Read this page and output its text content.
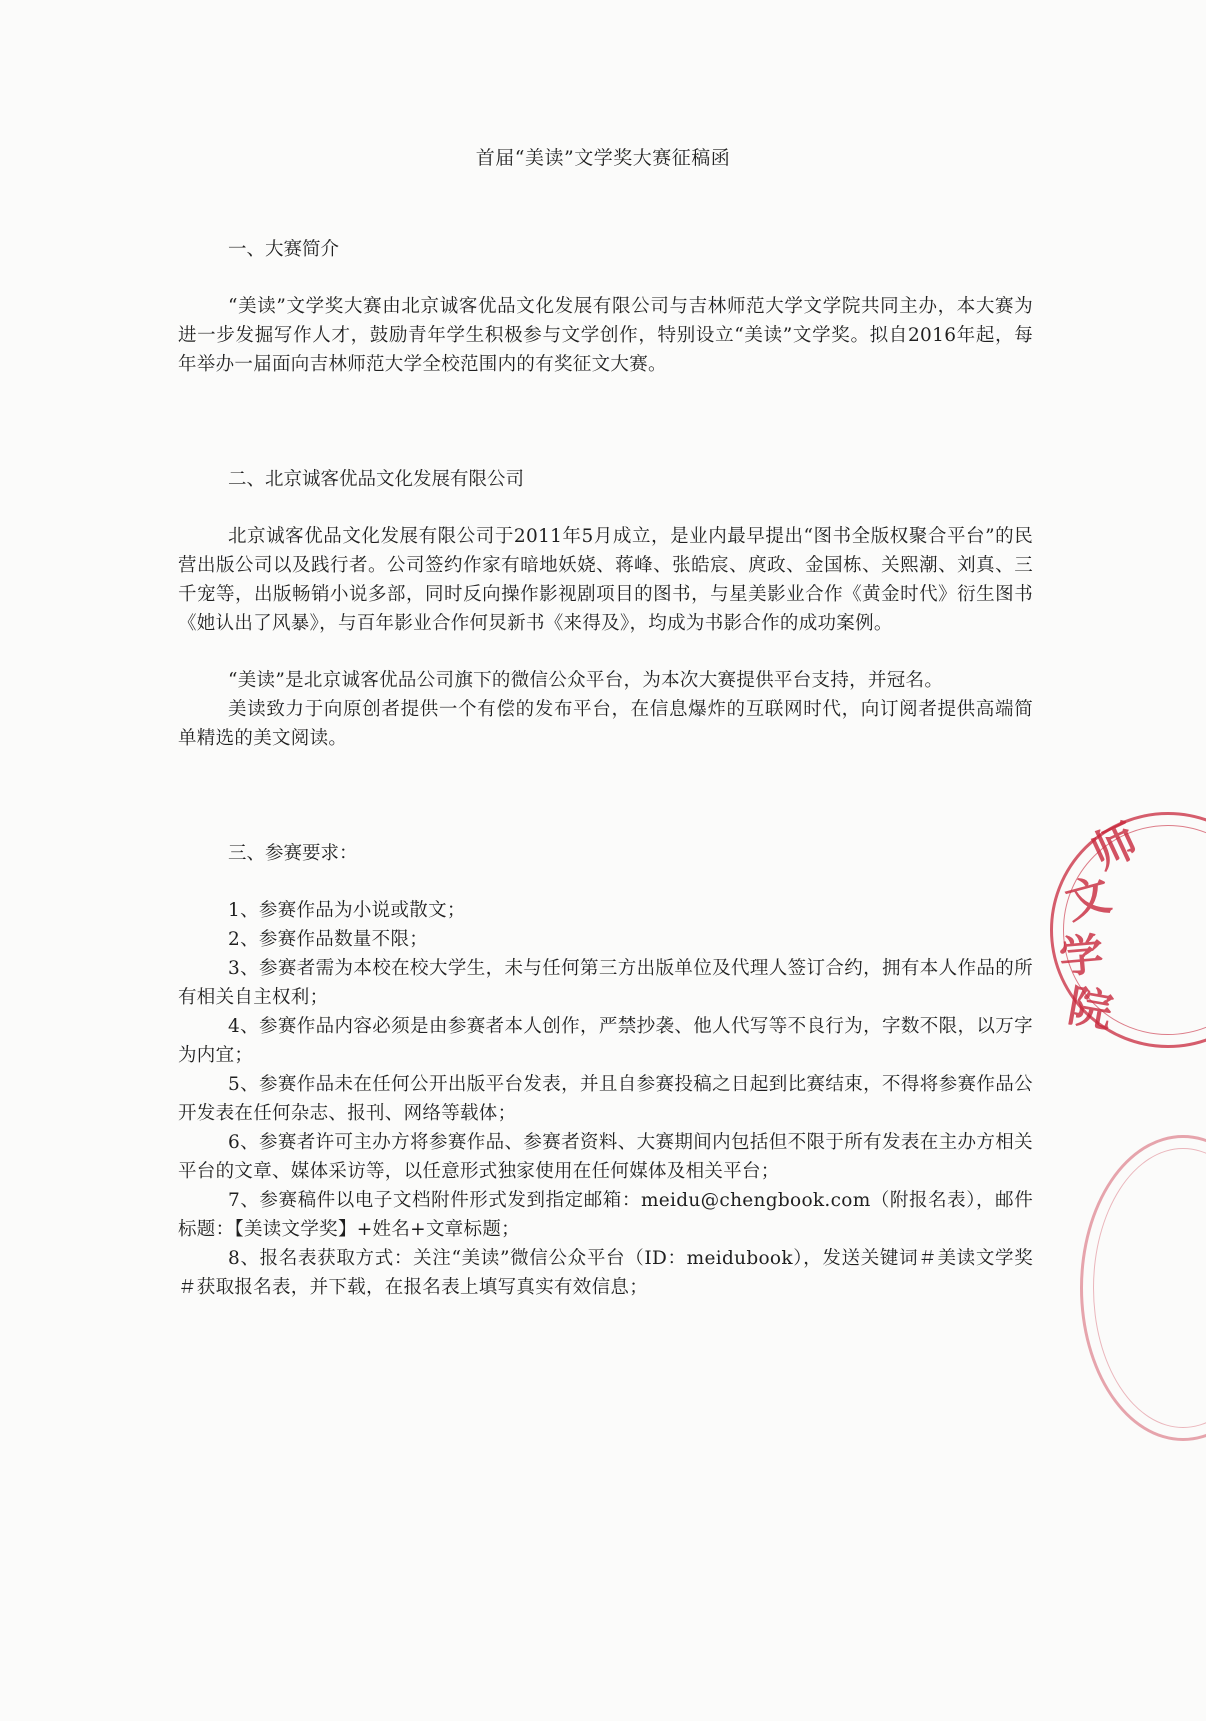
首届“美读”文学奖大赛征稿函

一、大赛简介

“美读”文学奖大赛由北京诚客优品文化发展有限公司与吉林师范大学文学院共同主办，本大赛为进一步发掘写作人才，鼓励青年学生积极参与文学创作，特别设立“美读”文学奖。拟自2016年起，每年举办一届面向吉林师范大学全校范围内的有奖征文大赛。

二、北京诚客优品文化发展有限公司

北京诚客优品文化发展有限公司于2011年5月成立，是业内最早提出“图书全版权聚合平台”的民营出版公司以及践行者。公司签约作家有暗地妖娆、蒋峰、张皓宸、庹政、金国栋、关熙潮、刘真、三千宠等，出版畅销小说多部，同时反向操作影视剧项目的图书，与星美影业合作《黄金时代》衍生图书《她认出了风暴》，与百年影业合作何炅新书《来得及》，均成为书影合作的成功案例。

“美读”是北京诚客优品公司旗下的微信公众平台，为本次大赛提供平台支持，并冠名。

美读致力于向原创者提供一个有偿的发布平台，在信息爆炸的互联网时代，向订阅者提供高端简单精选的美文阅读。

三、参赛要求：

1、参赛作品为小说或散文；

2、参赛作品数量不限；

3、参赛者需为本校在校大学生，未与任何第三方出版单位及代理人签订合约，拥有本人作品的所有相关自主权利；

4、参赛作品内容必须是由参赛者本人创作，严禁抄袭、他人代写等不良行为，字数不限，以万字为内宜；

5、参赛作品未在任何公开出版平台发表，并且自参赛投稿之日起到比赛结束，不得将参赛作品公开发表在任何杂志、报刊、网络等载体；

6、参赛者许可主办方将参赛作品、参赛者资料、大赛期间内包括但不限于所有发表在主办方相关平台的文章、媒体采访等，以任意形式独家使用在任何媒体及相关平台；

7、参赛稿件以电子文档附件形式发到指定邮箱：meidu@chengbook.com（附报名表），邮件标题：【美读文学奖】+姓名+文章标题；

8、报名表获取方式：关注“美读”微信公众平台（ID：meidubook），发送关键词＃美读文学奖＃获取报名表，并下载，在报名表上填写真实有效信息；

师
文
学
院
